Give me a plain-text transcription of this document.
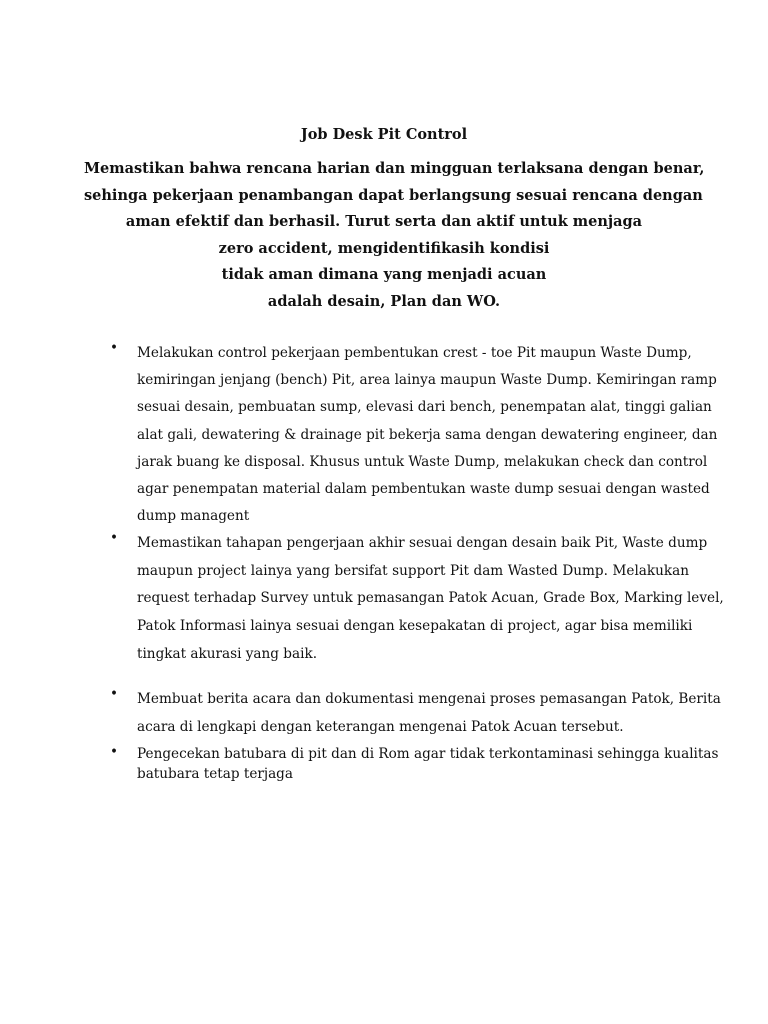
Job Desk Pit Control
Memastikan bahwa rencana harian dan mingguan terlaksana dengan benar,
sehinga pekerjaan penambangan dapat berlangsung sesuai rencana dengan
aman efektif dan berhasil. Turut serta dan aktif untuk menjaga
zero accident, mengidentifikasih kondisi
tidak aman dimana yang menjadi acuan
adalah desain, Plan dan WO.
• Melakukan control pekerjaan pembentukan crest - toe Pit maupun Waste Dump,
kemiringan jenjang (bench) Pit, area lainya maupun Waste Dump. Kemiringan ramp
sesuai desain, pembuatan sump, elevasi dari bench, penempatan alat, tinggi galian
alat gali, dewatering & drainage pit bekerja sama dengan dewatering engineer, dan
jarak buang ke disposal. Khusus untuk Waste Dump, melakukan check dan control
agar penempatan material dalam pembentukan waste dump sesuai dengan wasted
dump managent
• Memastikan tahapan pengerjaan akhir sesuai dengan desain baik Pit, Waste dump
maupun project lainya yang bersifat support Pit dam Wasted Dump. Melakukan
request terhadap Survey untuk pemasangan Patok Acuan, Grade Box, Marking level,
Patok Informasi lainya sesuai dengan kesepakatan di project, agar bisa memiliki
tingkat akurasi yang baik.
• Membuat berita acara dan dokumentasi mengenai proses pemasangan Patok, Berita
acara di lengkapi dengan keterangan mengenai Patok Acuan tersebut.
• Pengecekan batubara di pit dan di Rom agar tidak terkontaminasi sehingga kualitas
batubara tetap terjaga
